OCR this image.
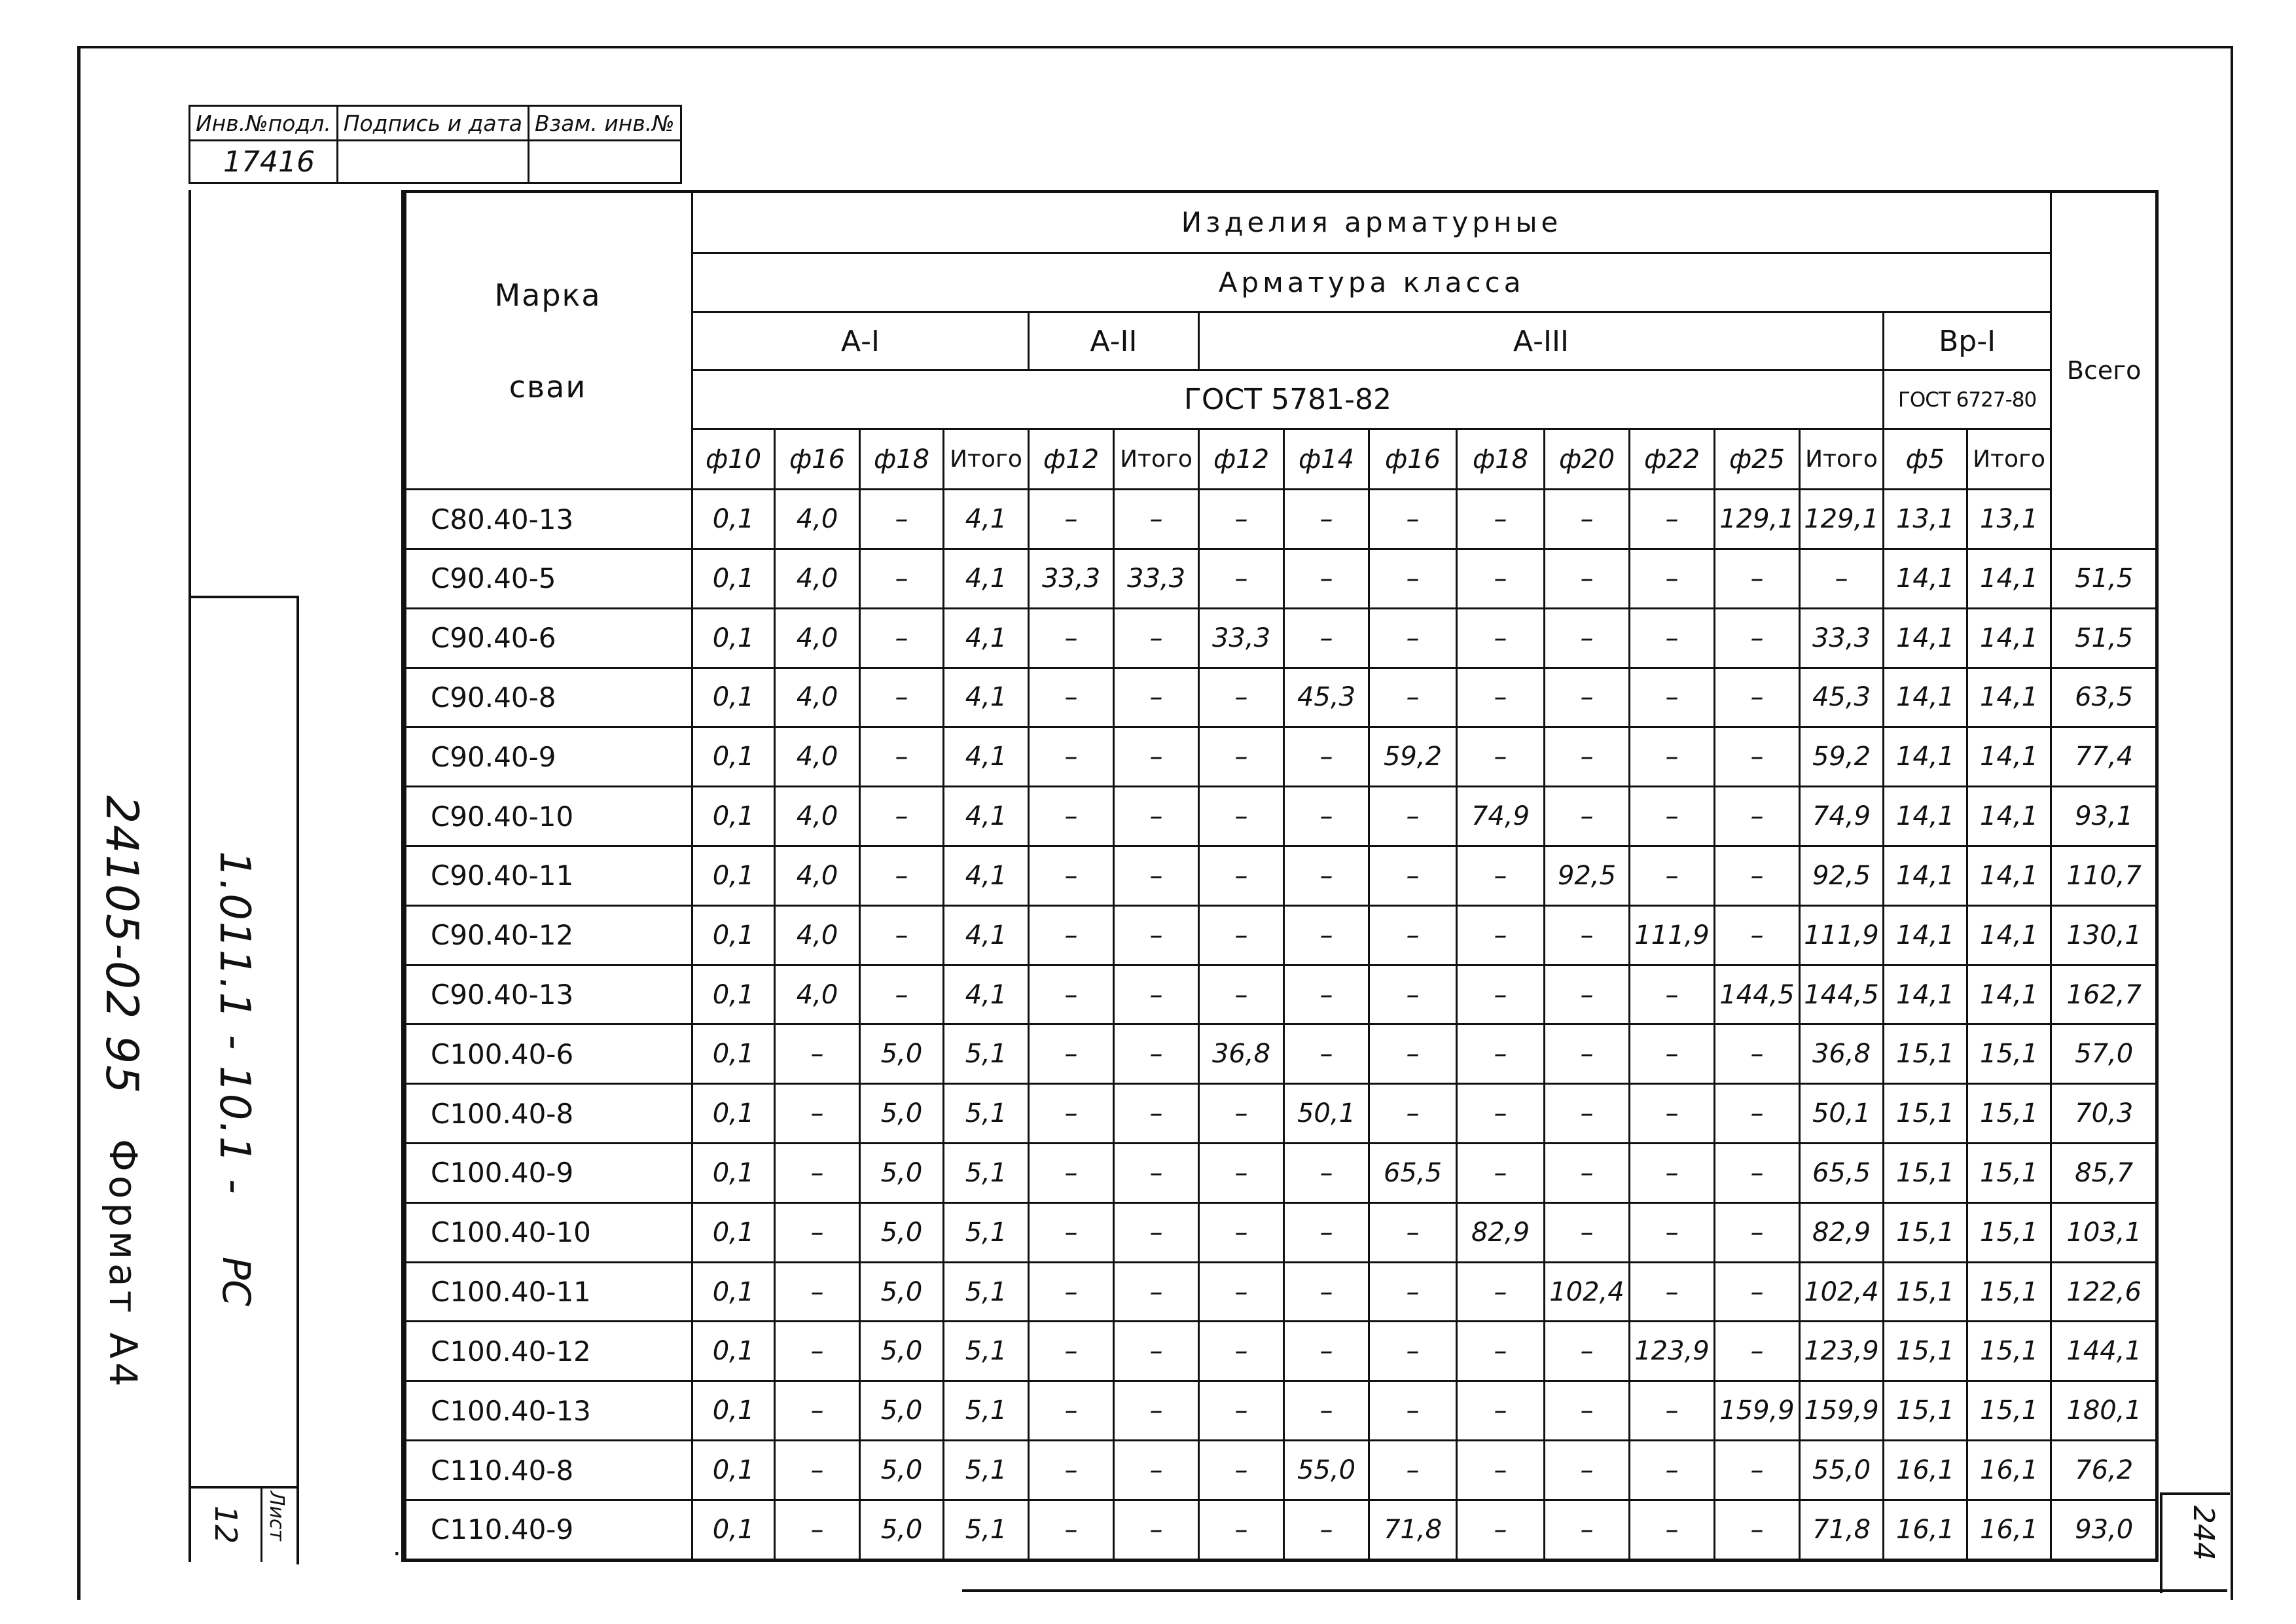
Инв.№подл.	Подпись и дата	Взам. инв.№
17416		
24105-02 95 1.011.1 - 10.1 -
Формат А4 РС
Лист
12	244
Марка сваи	Изделия арматурные																Всего	
	Арматура класса																	
	А-I				А-II		А-III								Вр-I			
	ГОСТ 5781-82														ГОСТ 6727-80			
	ф10	ф16	ф18	Итого	ф12	Итого	ф12	ф14	ф16	ф18	ф20	ф22	ф25	Итого	ф5	Итого		
С80.40-13	0,1	4,0	–	4,1	–	–	–	–	–	–	–	–	129,1	129,1	13,1	13,1	
С90.40-5	0,1	4,0	–	4,1	33,3	33,3	–	–	–	–	–	–	–	–	14,1	14,1	51,5	
С90.40-6	0,1	4,0	–	4,1	–	–	33,3	–	–	–	–	–	–	33,3	14,1	14,1	51,5	
С90.40-8	0,1	4,0	–	4,1	–	–	–	45,3	–	–	–	–	–	45,3	14,1	14,1	63,5	
С90.40-9	0,1	4,0	–	4,1	–	–	–	–	59,2	–	–	–	–	59,2	14,1	14,1	77,4	
С90.40-10	0,1	4,0	–	4,1	–	–	–	–	–	74,9	–	–	–	74,9	14,1	14,1	93,1	
С90.40-11	0,1	4,0	–	4,1	–	–	–	–	–	–	92,5	–	–	92,5	14,1	14,1	110,7	
С90.40-12	0,1	4,0	–	4,1	–	–	–	–	–	–	–	111,9	–	111,9	14,1	14,1	130,1	
С90.40-13	0,1	4,0	–	4,1	–	–	–	–	–	–	–	–	144,5	144,5	14,1	14,1	162,7	
С100.40-6	0,1	–	5,0	5,1	–	–	36,8	–	–	–	–	–	–	36,8	15,1	15,1	57,0	
С100.40-8	0,1	–	5,0	5,1	–	–	–	50,1	–	–	–	–	–	50,1	15,1	15,1	70,3	
С100.40-9	0,1	–	5,0	5,1	–	–	–	–	65,5	–	–	–	–	65,5	15,1	15,1	85,7	
С100.40-10	0,1	–	5,0	5,1	–	–	–	–	–	82,9	–	–	–	82,9	15,1	15,1	103,1	
С100.40-11	0,1	–	5,0	5,1	–	–	–	–	–	–	102,4	–	–	102,4	15,1	15,1	122,6	
С100.40-12	0,1	–	5,0	5,1	–	–	–	–	–	–	–	123,9	–	123,9	15,1	15,1	144,1	
С100.40-13	0,1	–	5,0	5,1	–	–	–	–	–	–	–	–	159,9	159,9	15,1	15,1	180,1	
С110.40-8	0,1	–	5,0	5,1	–	–	–	55,0	–	–	–	–	–	55,0	16,1	16,1	76,2	
С110.40-9	0,1	–	5,0	5,1	–	–	–	–	71,8	–	–	–	–	71,8	16,1	16,1	93,0	
.
